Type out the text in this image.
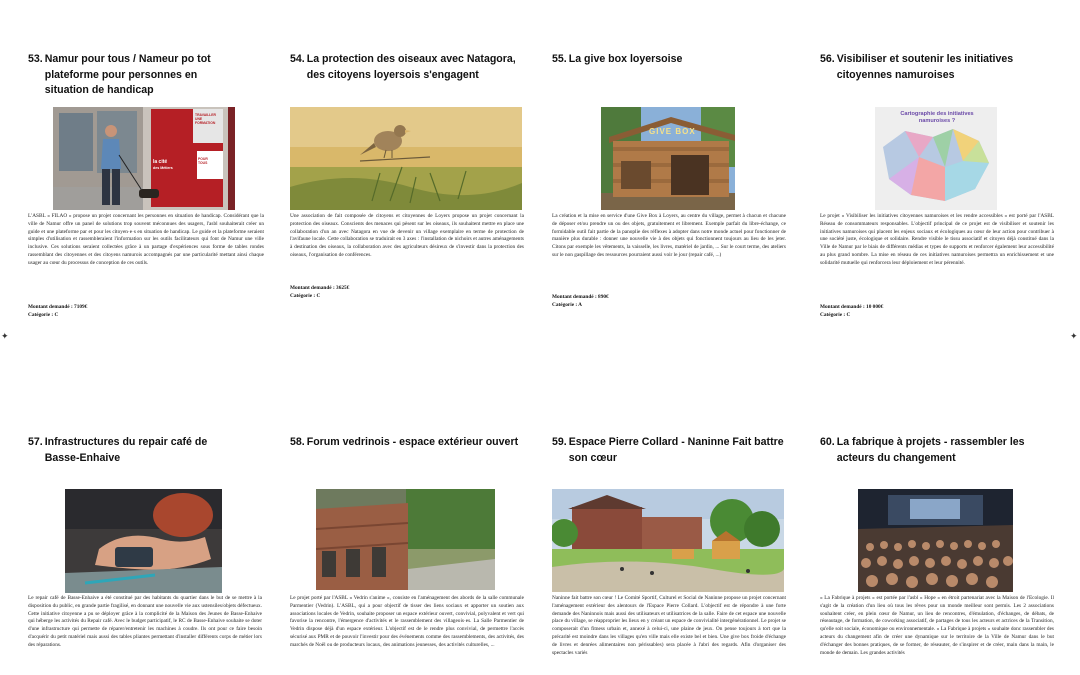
✦	✦
53. Namur pour tous / Nameur po tot plateforme pour personnes en situation de handicap
TRAVAILLER
UNE
FORMATION
la cité
des Métiers
POUR
TOUS

L'ASBL « FILAO » propose un projet concernant les personnes en situation de handicap. Considérant que la ville de Namur offre un panel de solutions trop souvent méconnues des usagers, l'asbl souhaiterait créer un guide et une plateforme par et pour les citoyen·e·s en situation de handicap. Le guide et la plateforme seraient simples d'utilisation et rassembleraient l'information sur les outils facilitateurs qui font de Namur une ville inclusive. Ces solutions seraient collectées grâce à un partage d'expériences sous forme de tables rondes rassemblant des citoyennes et des citoyens namurois accompagnés par une particularité mettant ainsi chaque usager au cœur du processus de conception de ces outils.

Montant demandé : 7109€

Catégorie : C

54. La protection des oiseaux avec Natagora, des citoyens loyersois s'engagent

Une association de fait composée de citoyens et citoyennes de Loyers propose un projet concernant la protection des oiseaux. Conscients des menaces qui pèsent sur les oiseaux, ils souhaitent mettre en place une collaboration d'un an avec Natagora en vue de devenir un village exemplaire en terme de protection de l'avifaune locale. Cette collaboration se traduirait en 3 axes : l'installation de nichoirs et autres aménagements à destination des oiseaux, la collaboration avec des agriculteurs désireux de s'investir dans la protection des oiseaux, l'organisation de conférences.

Montant demandé : 3625€

Catégorie : C

55. La give box loyersoise
GIVE BOX

La création et la mise en service d'une Give Box à Loyers, au centre du village, permet à chacun et chacune de déposer et/ou prendre un ou des objets, gratuitement et librement. Exemple parfait du libre-échange, ce formidable outil fait partie de la panoplie des réflexes à adopter dans notre monde actuel pour fonctionner de manière plus durable : donner une nouvelle vie à des objets qui fonctionnent toujours au lieu de les jeter. Citons par exemple les vêtements, la vaisselle, les livres, matériel de jardin, ... Sur le court terme, des ateliers sur le non gaspillage des ressources pourraient aussi voir le jour (repair café, ...)

Montant demandé : 890€

Catégorie : A

56. Visibiliser et soutenir les initiatives citoyennes namuroises
Cartographie des initiatives namuroises ?

Le projet « Visibiliser les initiatives citoyennes namuroises et les rendre accessibles » est porté par l'ASBL Réseau de consommateurs responsables. L'objectif principal de ce projet est de visibiliser et soutenir les initiatives namuroises qui placent les enjeux sociaux et écologiques au cœur de leur action pour contribuer à une société juste, écologique et solidaire. Rendre visible le tissu associatif et citoyen déjà constitué dans la Ville de Namur par le biais de différents médias et types de supports et renforcer également leur accessibilité au plus grand nombre. La mise en réseau de ces initiatives namuroises permettra un enrichissement et une solidarité mutuelle qui renforcera leur déploiement et leur pérennité.

Montant demandé : 10 000€

Catégorie : C

57. Infrastructures du repair café de Basse-Enhaive

Le repair café de Basse-Enhaive a été constitué par des habitants du quartier dans le but de se mettre à la disposition du public, en grande partie fragilisé, en donnant une nouvelle vie aux ustensiles/objets défectueux. Cette initiative citoyenne a pu se déployer grâce à la complicité de la Maison des Jeunes de Basse-Enhaive qui héberge les activités du Repair café. Avec le budget participatif, le RC de Basse-Enhaive souhaite se doter d'une infrastructure qui permette de réparer/entretenir les machines à coudre. Ils ont pour ce faire besoin d'acquérir du petit matériel mais aussi des tables pliantes permettant d'installer différents corps de métier lors des réparations.

58. Forum vedrinois - espace extérieur ouvert

Le projet porté par l'ASBL « Vedrin s'anime », consiste en l'aménagement des abords de la salle communale Parmentier (Vedrin). L'ASBL, qui a pour objectif de tisser des liens sociaux et apporter un soutien aux associations locales de Vedrin, souhaite proposer un espace extérieur ouvert, convivial, polyvalent et vert qui favorise la rencontre, l'émergence d'activités et le rassemblement des villageois·es. La Salle Parmentier de Vedrin dispose déjà d'un espace extérieur. L'objectif est de le rendre plus convivial, de permettre l'accès sécurisé aux PMR et de pouvoir l'investir pour des événements comme des rassemblements, des activités, des marchés de Noël ou de producteurs locaux, des animations jeunesses, des activités culturelles, ...

59. Espace Pierre Collard - Naninne Fait battre son cœur

Naninne fait battre son cœur ! Le Comité Sportif, Culturel et Social de Naninne propose un projet concernant l'aménagement extérieur des alentours de l'Espace Pierre Collard. L'objectif est de répondre à une forte demande des Naninnois mais aussi des utilisateurs et utilisatrices de la salle. Faire de cet espace une nouvelle place du village, se réapproprier les lieux en y créant un espace de convivialité intergénérationnel. Le projet se composerait d'un fitness urbain et, annexé à celui-ci, une plaine de jeux. On pense toujours à tort que la précarité est moindre dans les villages qu'en ville mais elle existe bel et bien. Une give box froide d'échange de livres et denrées alimentaires non périssables) sera placée à l'abri des regards. Afin d'organiser des spectacles variés

60. La fabrique à projets - rassembler les acteurs du changement

« La Fabrique à projets » est portée par l'asbl « Hope » en étroit partenariat avec la Maison de l'Ecologie. Il s'agit de la création d'un lieu où tous les rêves pour un monde meilleur sont permis. Les 2 associations souhaitent créer, en plein cœur de Namur, un lieu de rencontres, d'émulation, d'échanges, de débats, de réseautage, de formation, de coworking associatif, de partages de tous les acteurs et actrices de la Transition, qu'elle soit sociale, économique ou environnementale. « La Fabrique à projets » souhaite donc rassembler des acteurs du changement afin de créer une dynamique sur le territoire de la Ville de Namur dans le but d'échanger des bonnes pratiques, de se former, de réseauter, de s'inspirer et de créer, main dans la main, le monde de demain. Les grandes activités
